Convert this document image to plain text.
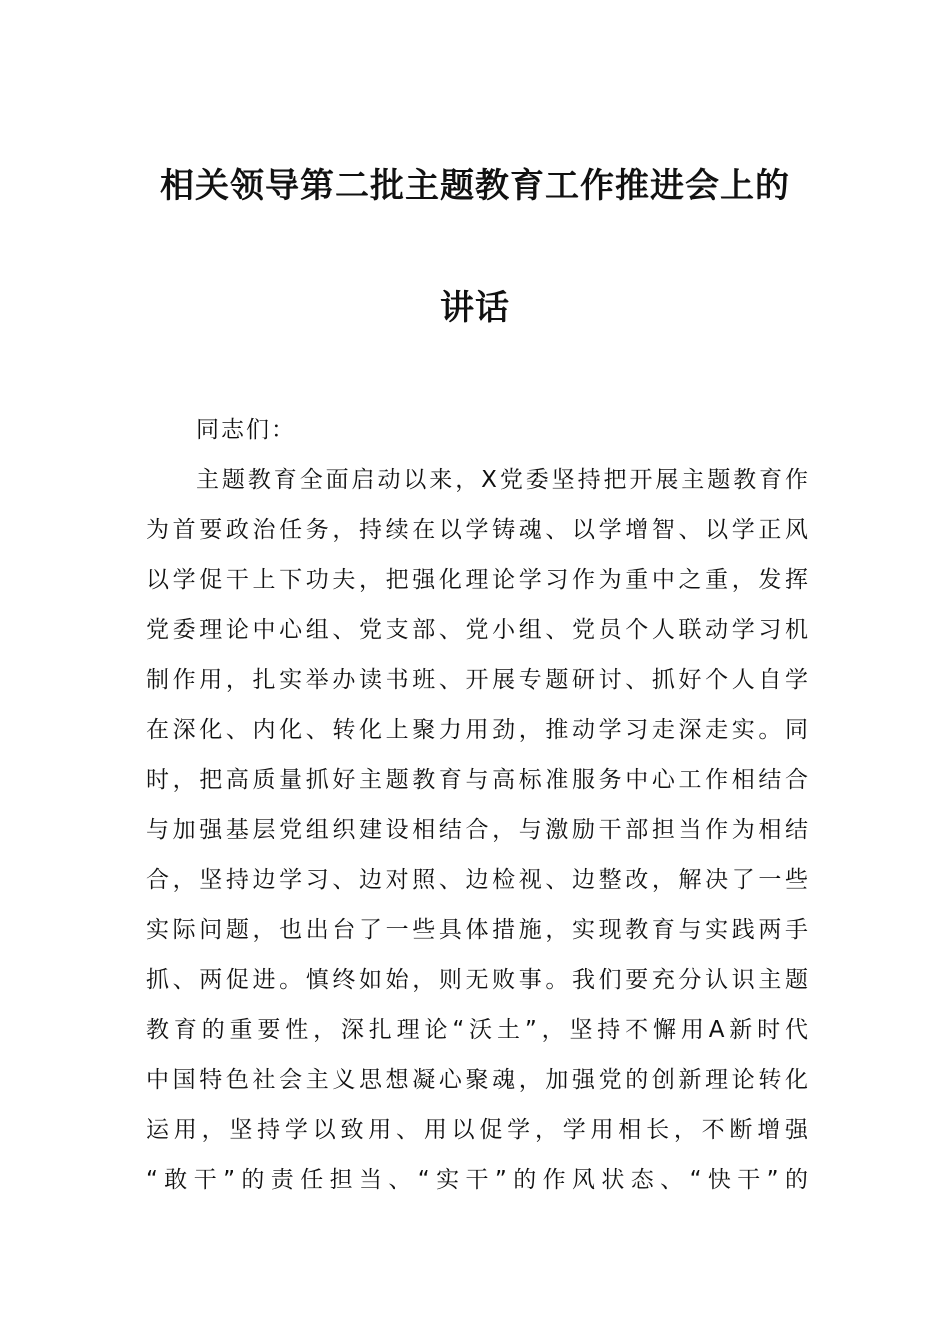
相关领导第二批主题教育工作推进会上的
讲话
同志们：
主题教育全面启动以来，X党委坚持把开展主题教育作
为首要政治任务，持续在以学铸魂、以学增智、以学正风
以学促干上下功夫，把强化理论学习作为重中之重，发挥
党委理论中心组、党支部、党小组、党员个人联动学习机
制作用，扎实举办读书班、开展专题研讨、抓好个人自学
在深化、内化、转化上聚力用劲，推动学习走深走实。同
时，把高质量抓好主题教育与高标准服务中心工作相结合
与加强基层党组织建设相结合，与激励干部担当作为相结
合，坚持边学习、边对照、边检视、边整改，解决了一些
实际问题，也出台了一些具体措施，实现教育与实践两手
抓、两促进。慎终如始，则无败事。我们要充分认识主题
教育的重要性，深扎理论“沃土”，坚持不懈用A新时代
中国特色社会主义思想凝心聚魂，加强党的创新理论转化
运用，坚持学以致用、用以促学，学用相长，不断增强
“敢干”的责任担当、“实干”的作风状态、“快干”的
